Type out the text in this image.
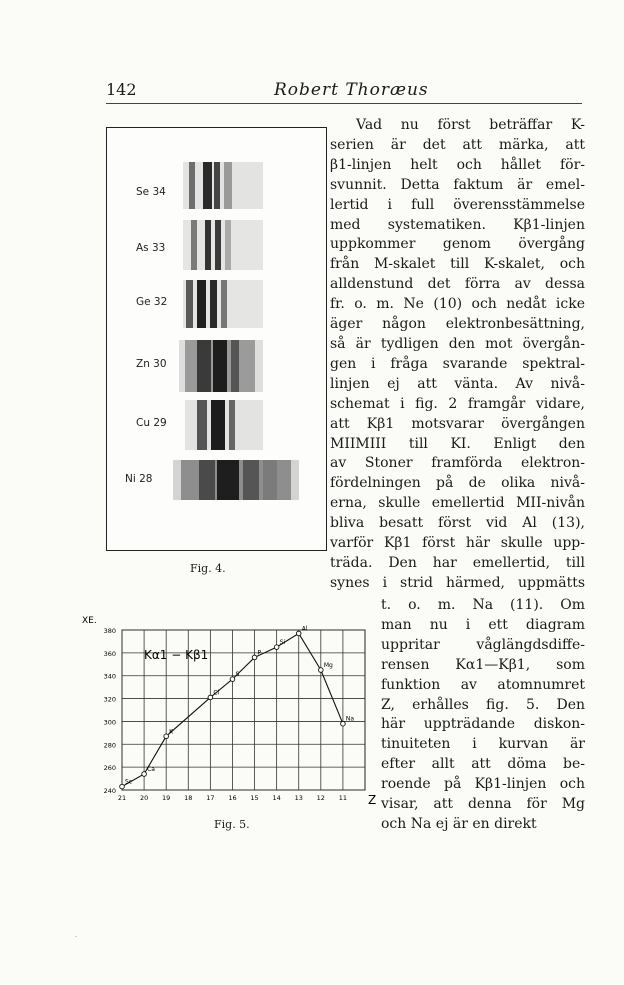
142	Robert Thoræus
Se 34
As 33
Ge 32
Zn 30
Cu 29
Ni 28
Fig. 4.
Vad nu först beträffar K-
serien är det att märka, att
β1-linjen helt och hållet för-
svunnit. Detta faktum är emel-
lertid i full överensstämmelse
med systematiken. Kβ1-linjen
uppkommer genom övergång
från M-skalet till K-skalet, och
alldenstund det förra av dessa
fr. o. m. Ne (10) och nedåt icke
äger någon elektronbesättning,
så är tydligen den mot övergån-
gen i fråga svarande spektral-
linjen ej att vänta. Av nivå-
schemat i fig. 2 framgår vidare,
att Kβ1 motsvarar övergången
MIIMIII till KI. Enligt den
av Stoner framförda elektron-
fördelningen på de olika nivå-
erna, skulle emellertid MII-nivån
bliva besatt först vid Al (13),
varför Kβ1 först här skulle upp-
träda. Den har emellertid, till
synes i strid härmed, uppmätts
t. o. m. Na (11). Om
man nu i ett diagram
uppritar våglängdsdiffe-
rensen Kα1—Kβ1, som
funktion av atomnumret
Z, erhålles fig. 5. Den
här uppträdande diskon-
tinuiteten i kurvan är
efter allt att döma be-
roende på Kβ1-linjen och
visar, att denna för Mg
och Na ej är en direkt
21 20 19 18 17 16 15 14 13 12 11
240
260
280
300
320
340
360
380
Sc
Ca
K
Cl
S
P
Si
Al
Mg
Na
XE.
Z
Kα1 − Kβ1
Fig. 5.
·
